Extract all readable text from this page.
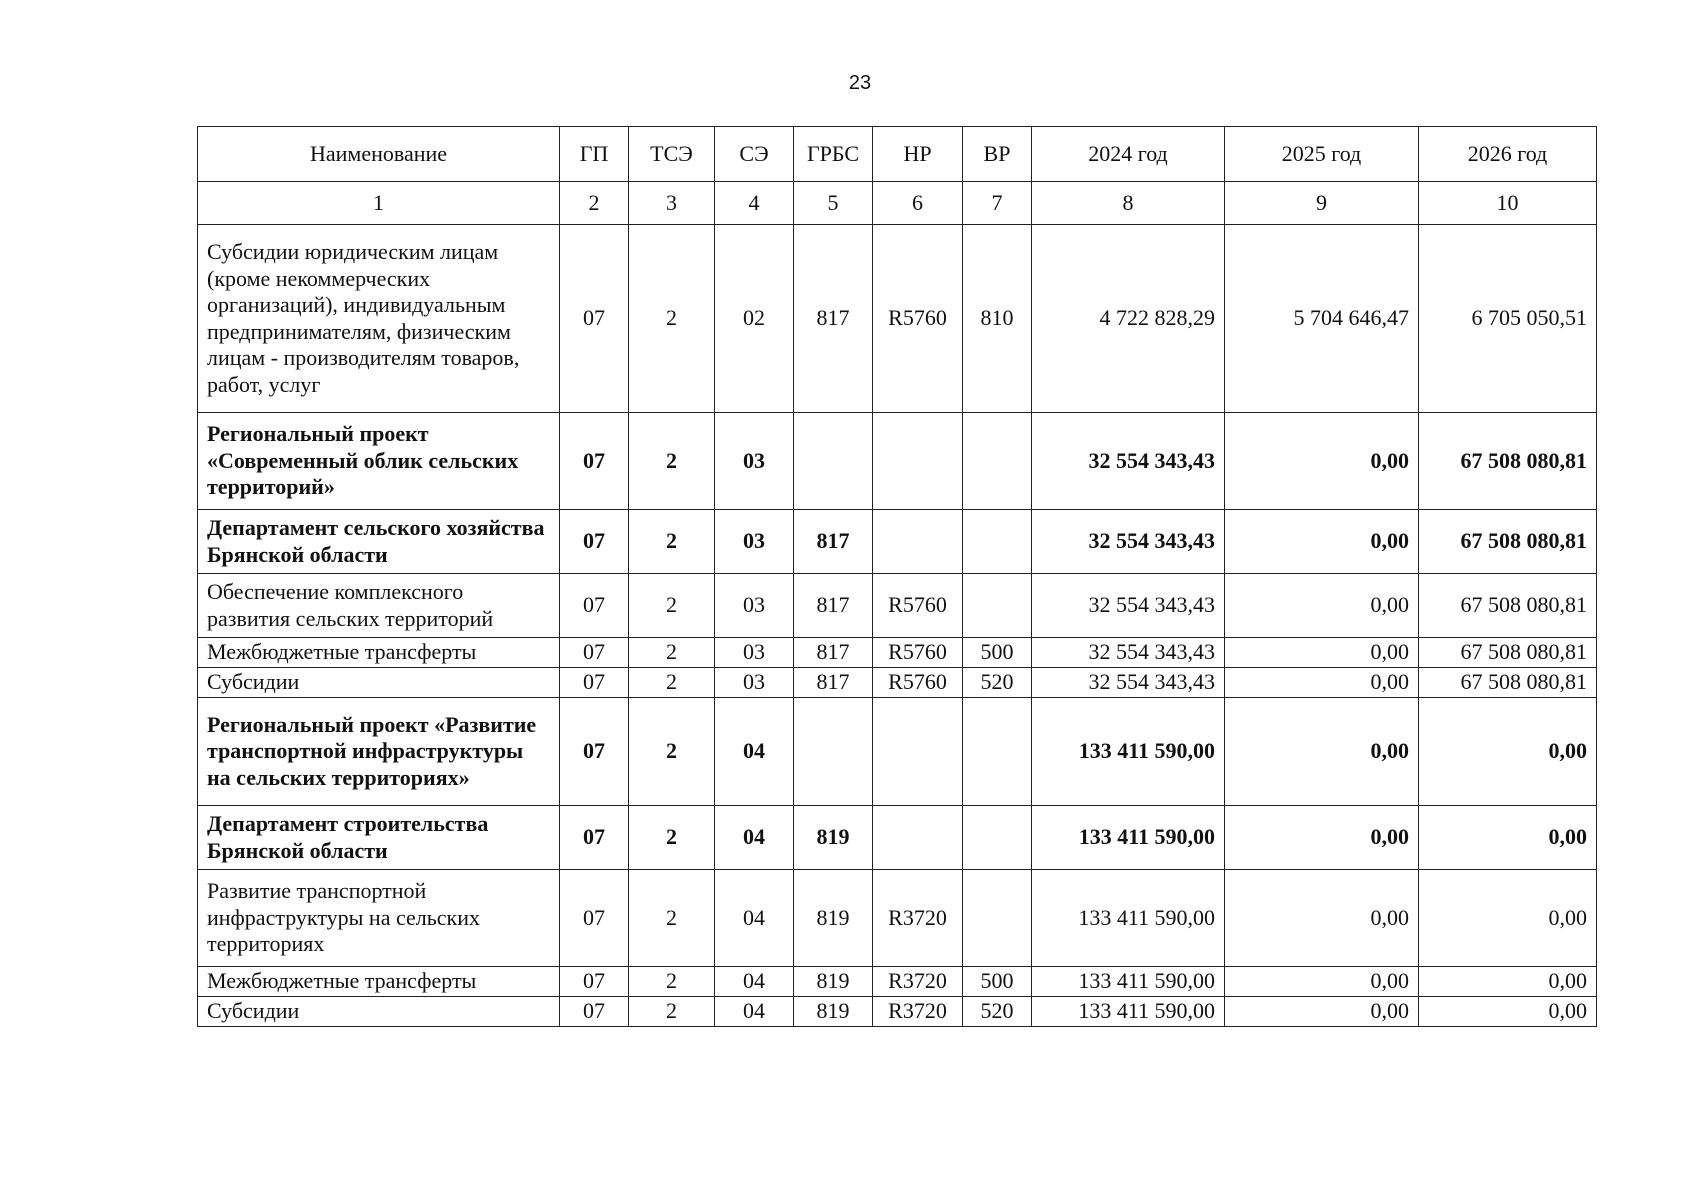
23
Наименование	ГП	ТСЭ	СЭ	ГРБС	НР	ВР	2024 год	2025 год	2026 год
1	2	3	4	5	6	7	8	9	10
Субсидии юридическим лицам (кроме некоммерческих организаций), индивидуальным предпринимателям, физическим лицам - производителям товаров, работ, услуг	07	2	02	817	R5760	810	4 722 828,29	5 704 646,47	6 705 050,51
Региональный проект «Современный облик сельских территорий»	07	2	03				32 554 343,43	0,00	67 508 080,81
Департамент сельского хозяйства Брянской области	07	2	03	817			32 554 343,43	0,00	67 508 080,81
Обеспечение комплексного развития сельских территорий	07	2	03	817	R5760		32 554 343,43	0,00	67 508 080,81
Межбюджетные трансферты	07	2	03	817	R5760	500	32 554 343,43	0,00	67 508 080,81
Субсидии	07	2	03	817	R5760	520	32 554 343,43	0,00	67 508 080,81
Региональный проект «Развитие транспортной инфраструктуры на сельских территориях»	07	2	04				133 411 590,00	0,00	0,00
Департамент строительства Брянской области	07	2	04	819			133 411 590,00	0,00	0,00
Развитие транспортной инфраструктуры на сельских территориях	07	2	04	819	R3720		133 411 590,00	0,00	0,00
Межбюджетные трансферты	07	2	04	819	R3720	500	133 411 590,00	0,00	0,00
Субсидии	07	2	04	819	R3720	520	133 411 590,00	0,00	0,00
